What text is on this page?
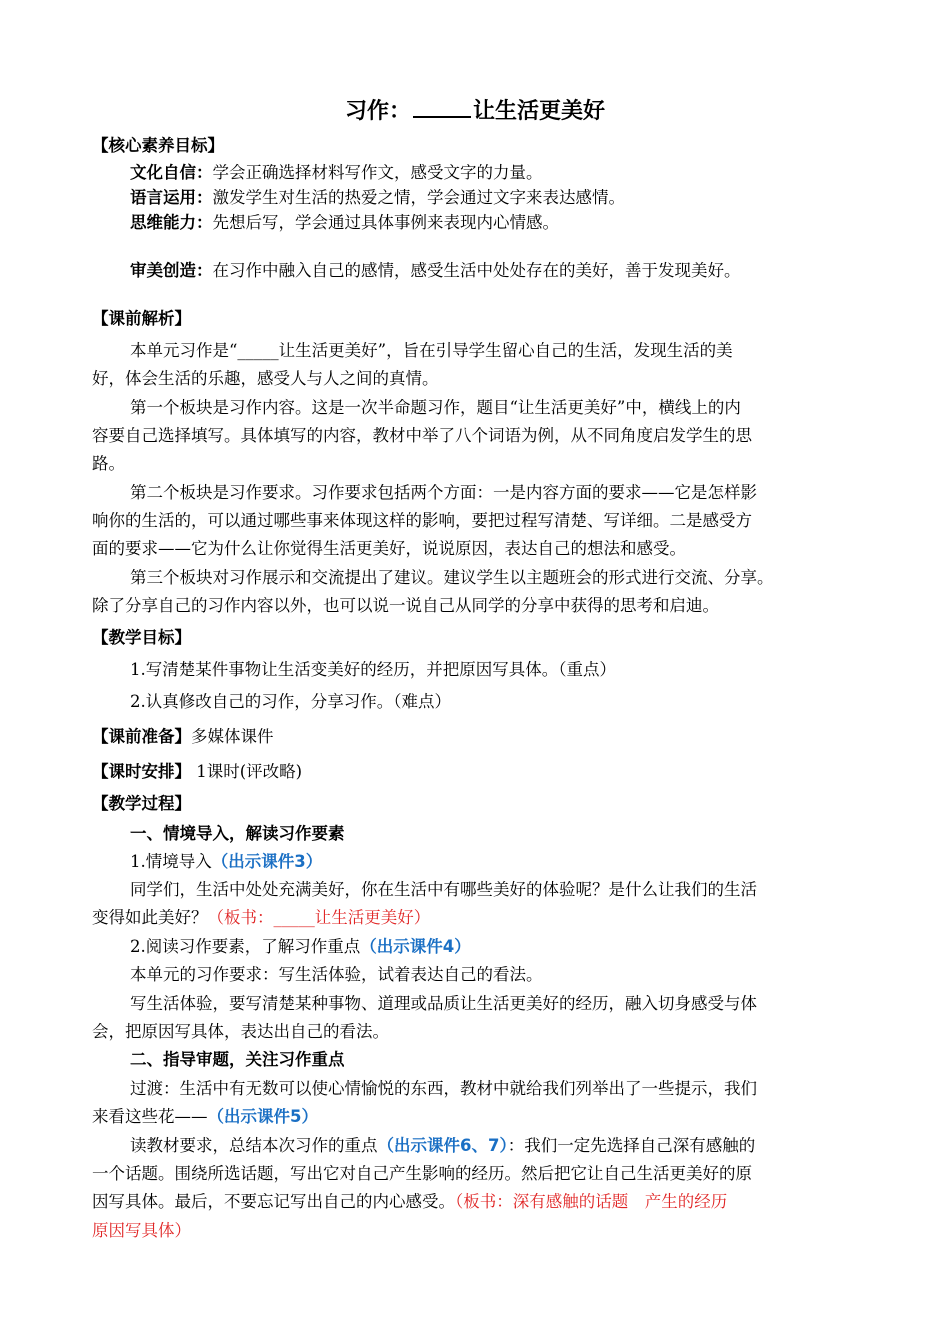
习作：	让生活更美好
【核心素养目标】
文化自信：学会正确选择材料写作文，感受文字的力量。
语言运用：激发学生对生活的热爱之情，学会通过文字来表达感情。
思维能力：先想后写，学会通过具体事例来表现内心情感。
审美创造：在习作中融入自己的感情，感受生活中处处存在的美好，善于发现美好。
【课前解析】
本单元习作是“_____让生活更美好”，旨在引导学生留心自己的生活，发现生活的美
好，体会生活的乐趣，感受人与人之间的真情。
第一个板块是习作内容。这是一次半命题习作，题目“让生活更美好”中，横线上的内
容要自己选择填写。具体填写的内容，教材中举了八个词语为例，从不同角度启发学生的思
路。
第二个板块是习作要求。习作要求包括两个方面：一是内容方面的要求——它是怎样影
响你的生活的，可以通过哪些事来体现这样的影响，要把过程写清楚、写详细。二是感受方
面的要求——它为什么让你觉得生活更美好，说说原因，表达自己的想法和感受。
第三个板块对习作展示和交流提出了建议。建议学生以主题班会的形式进行交流、分享。
除了分享自己的习作内容以外，也可以说一说自己从同学的分享中获得的思考和启迪。
【教学目标】
1.写清楚某件事物让生活变美好的经历，并把原因写具体。（重点）
2.认真修改自己的习作，分享习作。（难点）
【课前准备】多媒体课件
【课时安排】 1课时(评改略)
【教学过程】
一、情境导入，解读习作要素
1.情境导入（出示课件3）
同学们，生活中处处充满美好，你在生活中有哪些美好的体验呢？是什么让我们的生活
变得如此美好？（板书：_____让生活更美好）
2.阅读习作要素，了解习作重点（出示课件4）
本单元的习作要求：写生活体验，试着表达自己的看法。
写生活体验，要写清楚某种事物、道理或品质让生活更美好的经历，融入切身感受与体
会，把原因写具体，表达出自己的看法。
二、指导审题，关注习作重点
过渡：生活中有无数可以使心情愉悦的东西，教材中就给我们列举出了一些提示，我们
来看这些花——（出示课件5）
读教材要求，总结本次习作的重点（出示课件6、7）：我们一定先选择自己深有感触的
一个话题。围绕所选话题，写出它对自己产生影响的经历。然后把它让自己生活更美好的原
因写具体。最后，不要忘记写出自己的内心感受。（板书：深有感触的话题　产生的经历
原因写具体）
